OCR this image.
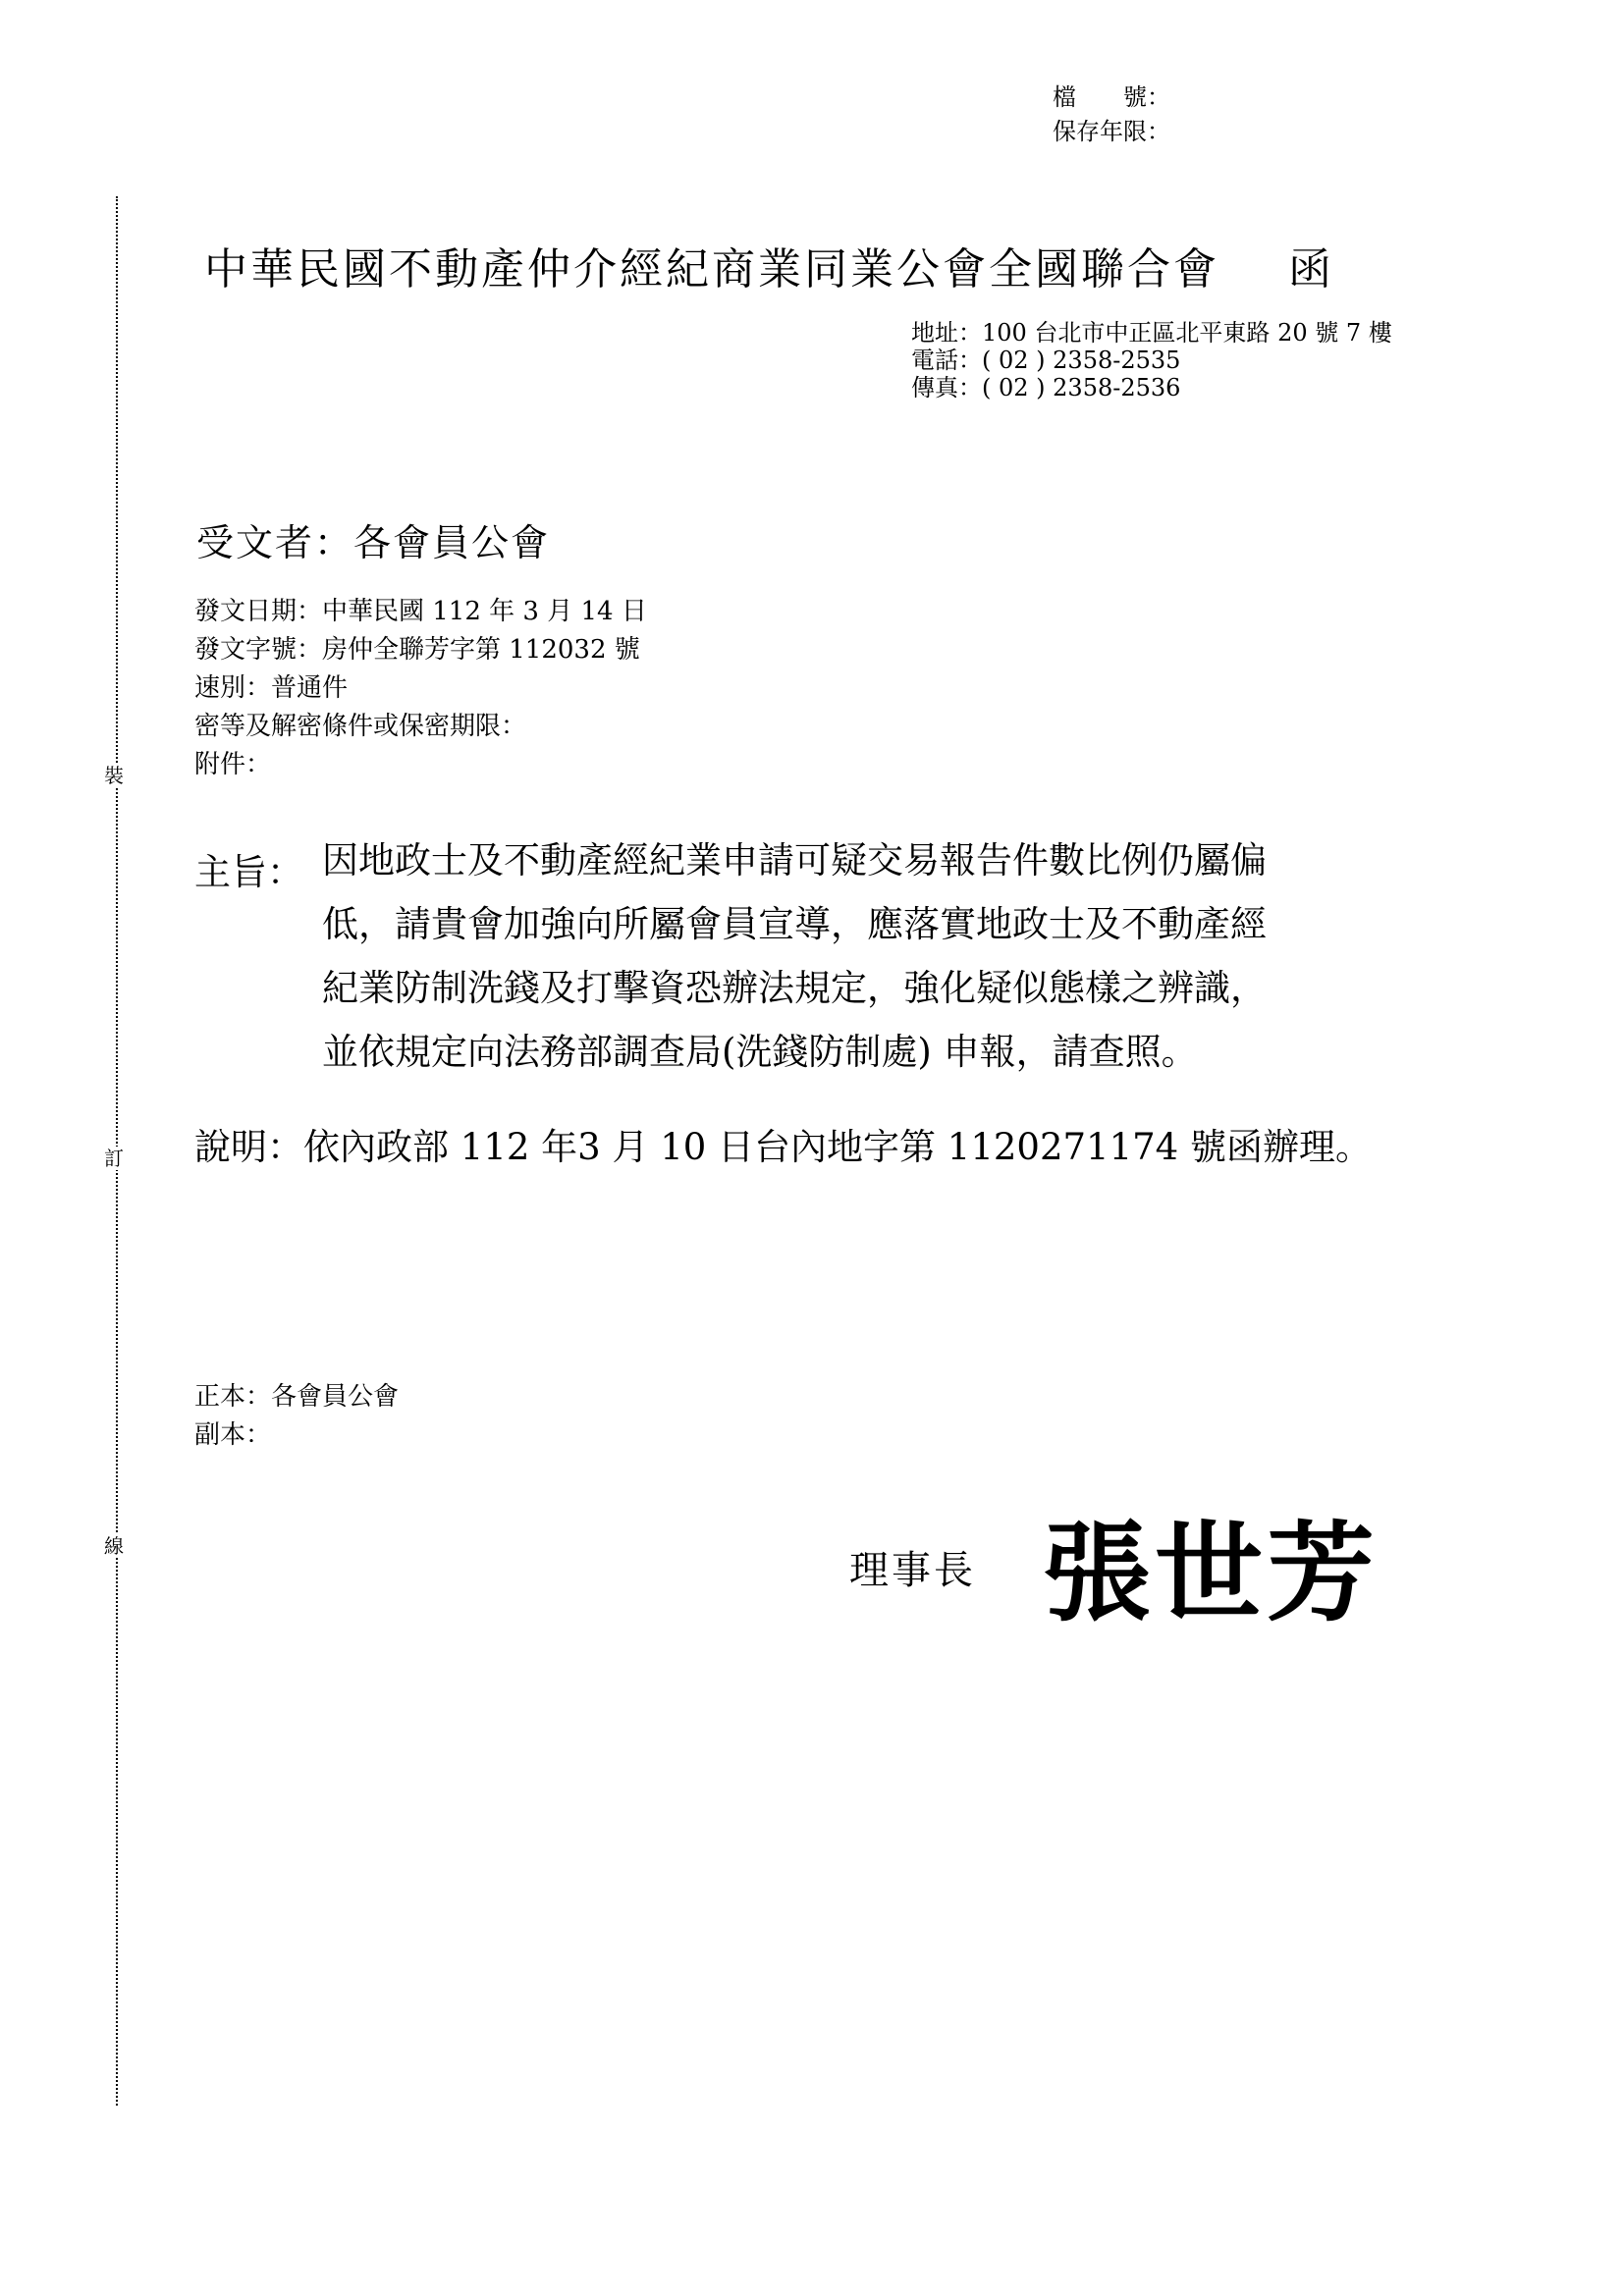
裝
訂
線
檔　　號：
保存年限：
中華民國不動產仲介經紀商業同業公會全國聯合會 函
地址：100 台北市中正區北平東路 20 號 7 樓
電話：( 02 ) 2358-2535
傳真：( 02 ) 2358-2536
受文者：各會員公會
發文日期：中華民國 112 年 3 月 14 日
發文字號：房仲全聯芳字第 112032 號
速別：普通件
密等及解密條件或保密期限：
附件：
主旨： 因地政士及不動產經紀業申請可疑交易報告件數比例仍屬偏
低，請貴會加強向所屬會員宣導，應落實地政士及不動產經
紀業防制洗錢及打擊資恐辦法規定，強化疑似態樣之辨識，
並依規定向法務部調查局(洗錢防制處) 申報，請查照。
說明：依內政部 112 年3 月 10 日台內地字第 1120271174 號函辦理。
正本：各會員公會
副本：
理事長 張世芳
